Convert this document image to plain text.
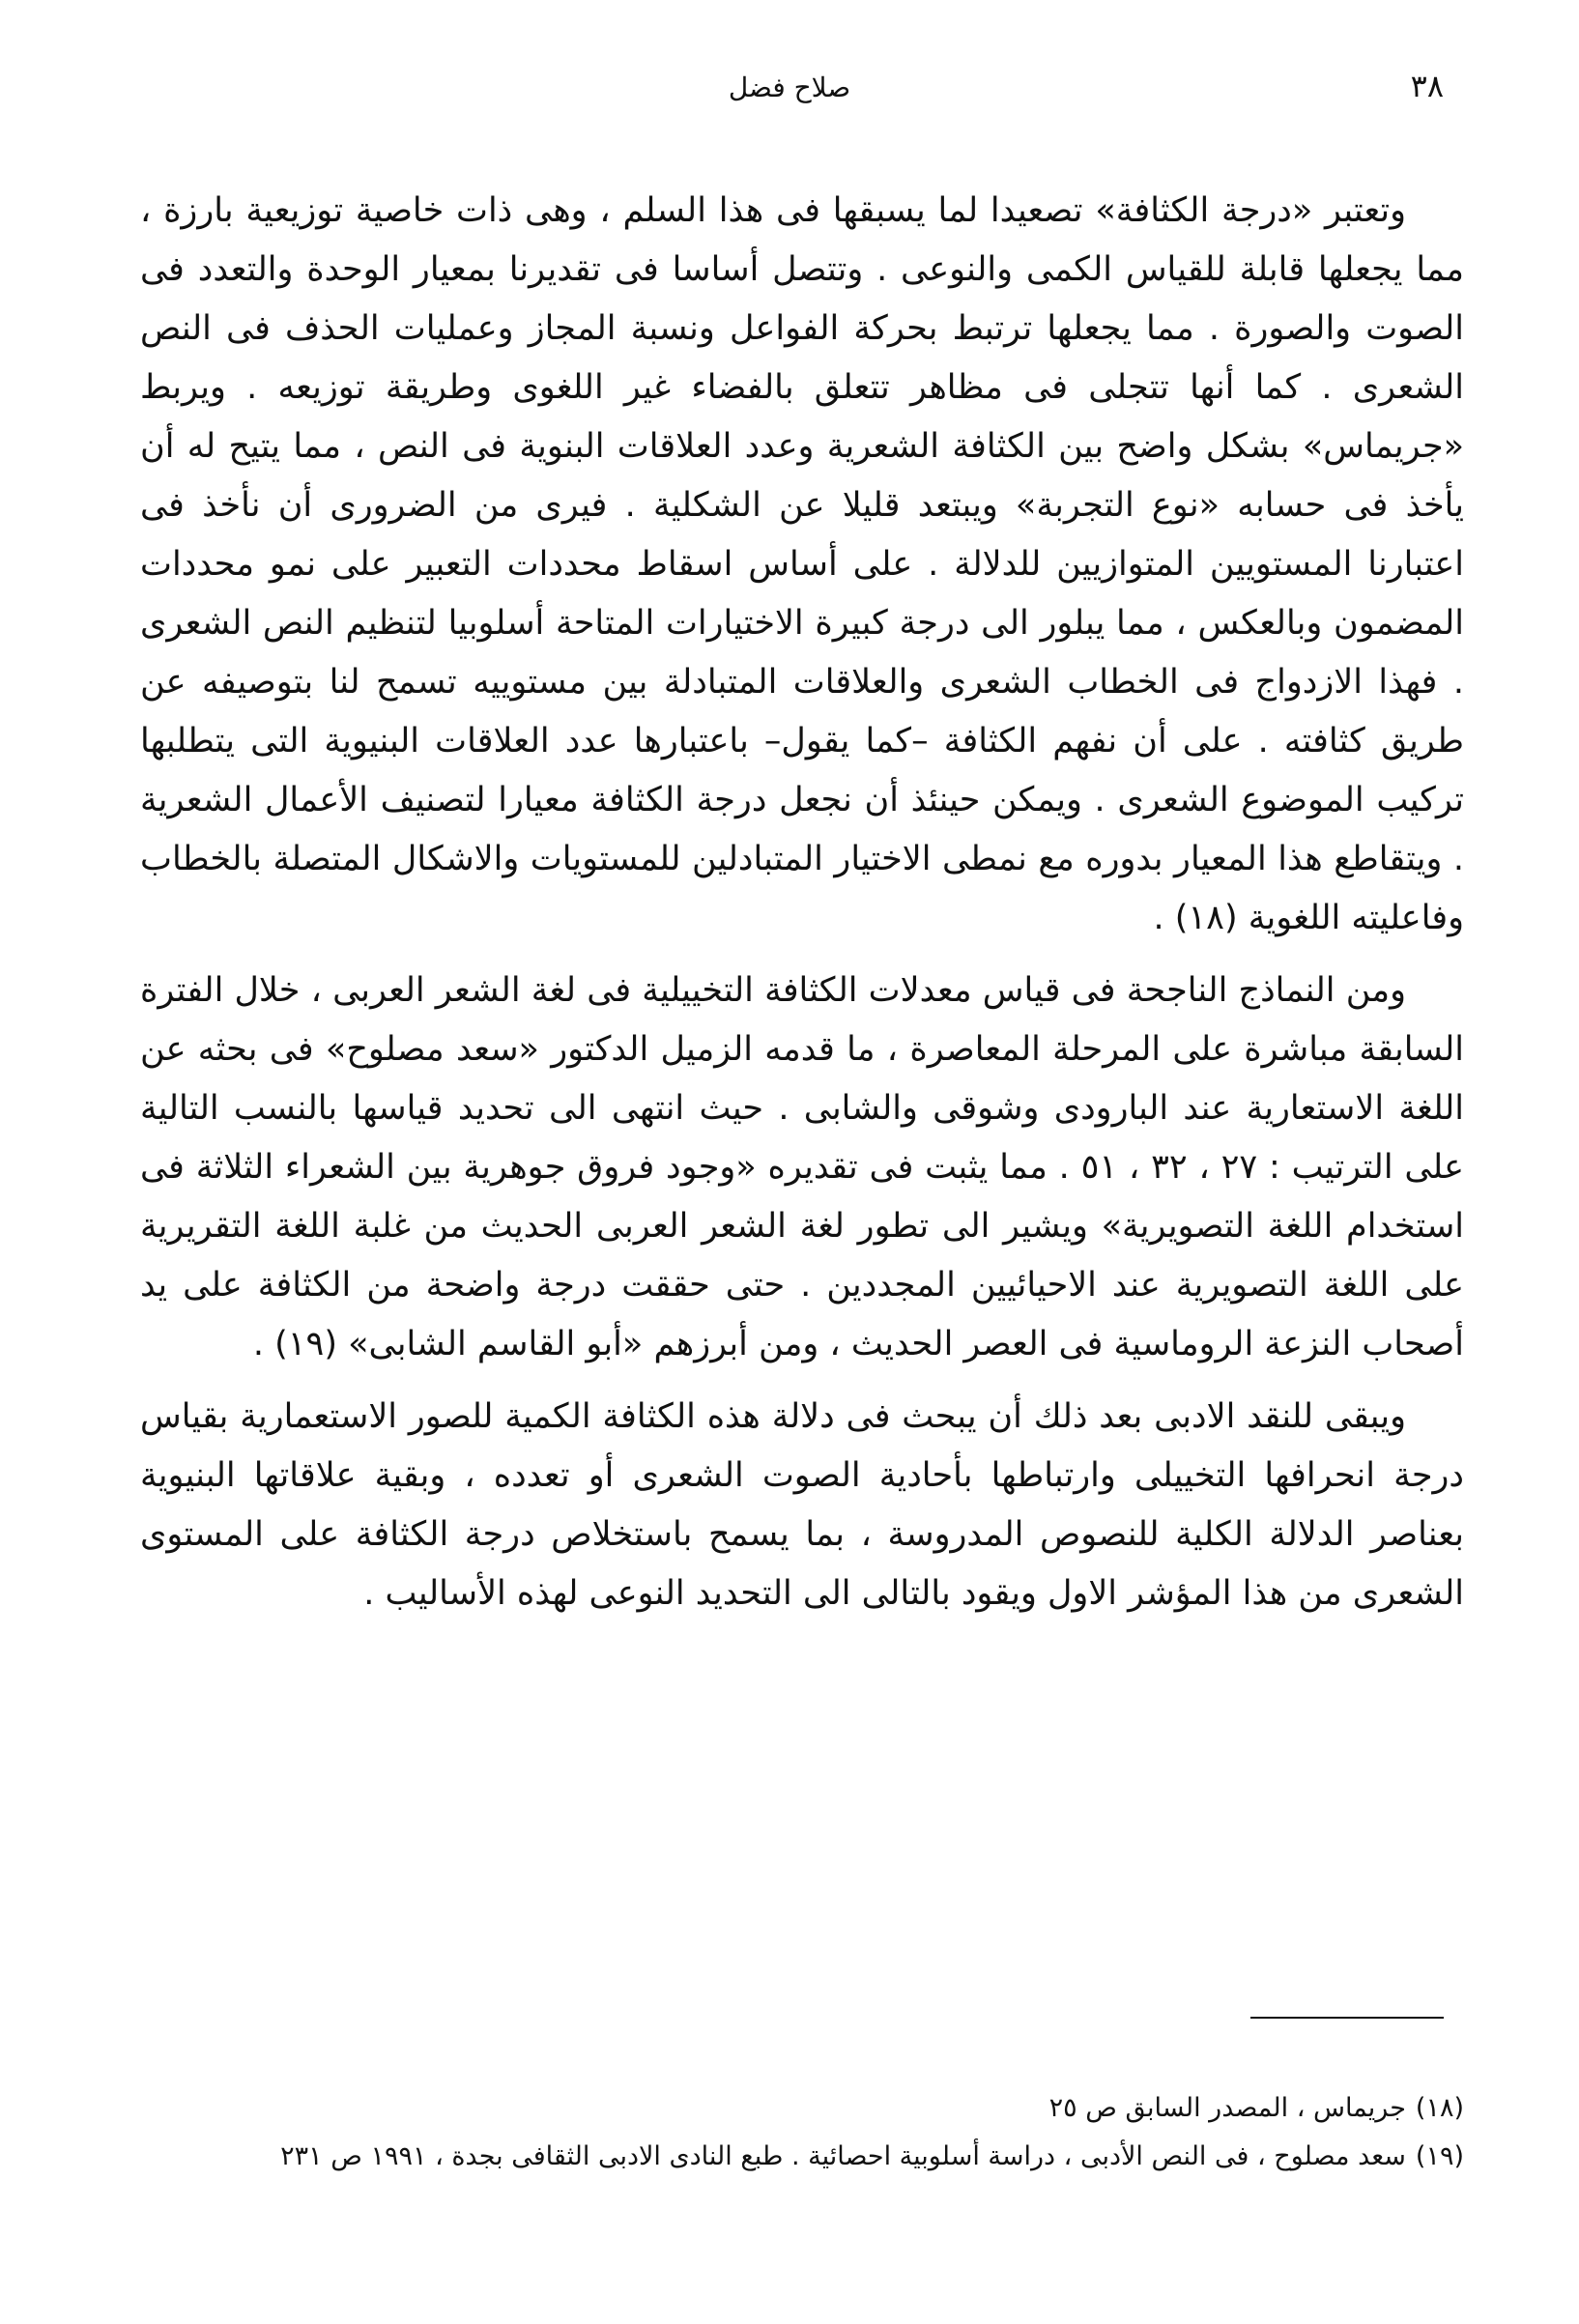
٣٨
صلاح فضل

وتعتبر «درجة الكثافة» تصعيدا لما يسبقها فى هذا السلم ، وهى ذات خاصية توزيعية بارزة ، مما يجعلها قابلة للقياس الكمى والنوعى . وتتصل أساسا فى تقديرنا بمعيار الوحدة والتعدد فى الصوت والصورة . مما يجعلها ترتبط بحركة الفواعل ونسبة المجاز وعمليات الحذف فى النص الشعرى . كما أنها تتجلى فى مظاهر تتعلق بالفضاء غير اللغوى وطريقة توزيعه . ويربط «جريماس» بشكل واضح بين الكثافة الشعرية وعدد العلاقات البنوية فى النص ، مما يتيح له أن يأخذ فى حسابه «نوع التجربة» ويبتعد قليلا عن الشكلية . فيرى من الضرورى أن نأخذ فى اعتبارنا المستويين المتوازيين للدلالة . على أساس اسقاط محددات التعبير على نمو محددات المضمون وبالعكس ، مما يبلور الى درجة كبيرة الاختيارات المتاحة أسلوبيا لتنظيم النص الشعرى . فهذا الازدواج فى الخطاب الشعرى والعلاقات المتبادلة بين مستوييه تسمح لنا بتوصيفه عن طريق كثافته . على أن نفهم الكثافة –كما يقول– باعتبارها عدد العلاقات البنيوية التى يتطلبها تركيب الموضوع الشعرى . ويمكن حينئذ أن نجعل درجة الكثافة معيارا لتصنيف الأعمال الشعرية . ويتقاطع هذا المعيار بدوره مع نمطى الاختيار المتبادلين للمستويات والاشكال المتصلة بالخطاب وفاعليته اللغوية (١٨) .

ومن النماذج الناجحة فى قياس معدلات الكثافة التخييلية فى لغة الشعر العربى ، خلال الفترة السابقة مباشرة على المرحلة المعاصرة ، ما قدمه الزميل الدكتور «سعد مصلوح» فى بحثه عن اللغة الاستعارية عند البارودى وشوقى والشابى . حيث انتهى الى تحديد قياسها بالنسب التالية على الترتيب : ٢٧ ، ٣٢ ، ٥١ . مما يثبت فى تقديره «وجود فروق جوهرية بين الشعراء الثلاثة فى استخدام اللغة التصويرية» ويشير الى تطور لغة الشعر العربى الحديث من غلبة اللغة التقريرية على اللغة التصويرية عند الاحيائيين المجددين . حتى حققت درجة واضحة من الكثافة على يد أصحاب النزعة الروماسية فى العصر الحديث ، ومن أبرزهم «أبو القاسم الشابى» (١٩) .

ويبقى للنقد الادبى بعد ذلك أن يبحث فى دلالة هذه الكثافة الكمية للصور الاستعمارية بقياس درجة انحرافها التخييلى وارتباطها بأحادية الصوت الشعرى أو تعدده ، وبقية علاقاتها البنيوية بعناصر الدلالة الكلية للنصوص المدروسة ، بما يسمح باستخلاص درجة الكثافة على المستوى الشعرى من هذا المؤشر الاول ويقود بالتالى الى التحديد النوعى لهذه الأساليب .

(١٨)جريماس ، المصدر السابق ص ٢٥
(١٩)سعد مصلوح ، فى النص الأدبى ، دراسة أسلوبية احصائية . طبع النادى الادبى الثقافى بجدة ، ١٩٩١ ص ٢٣١
